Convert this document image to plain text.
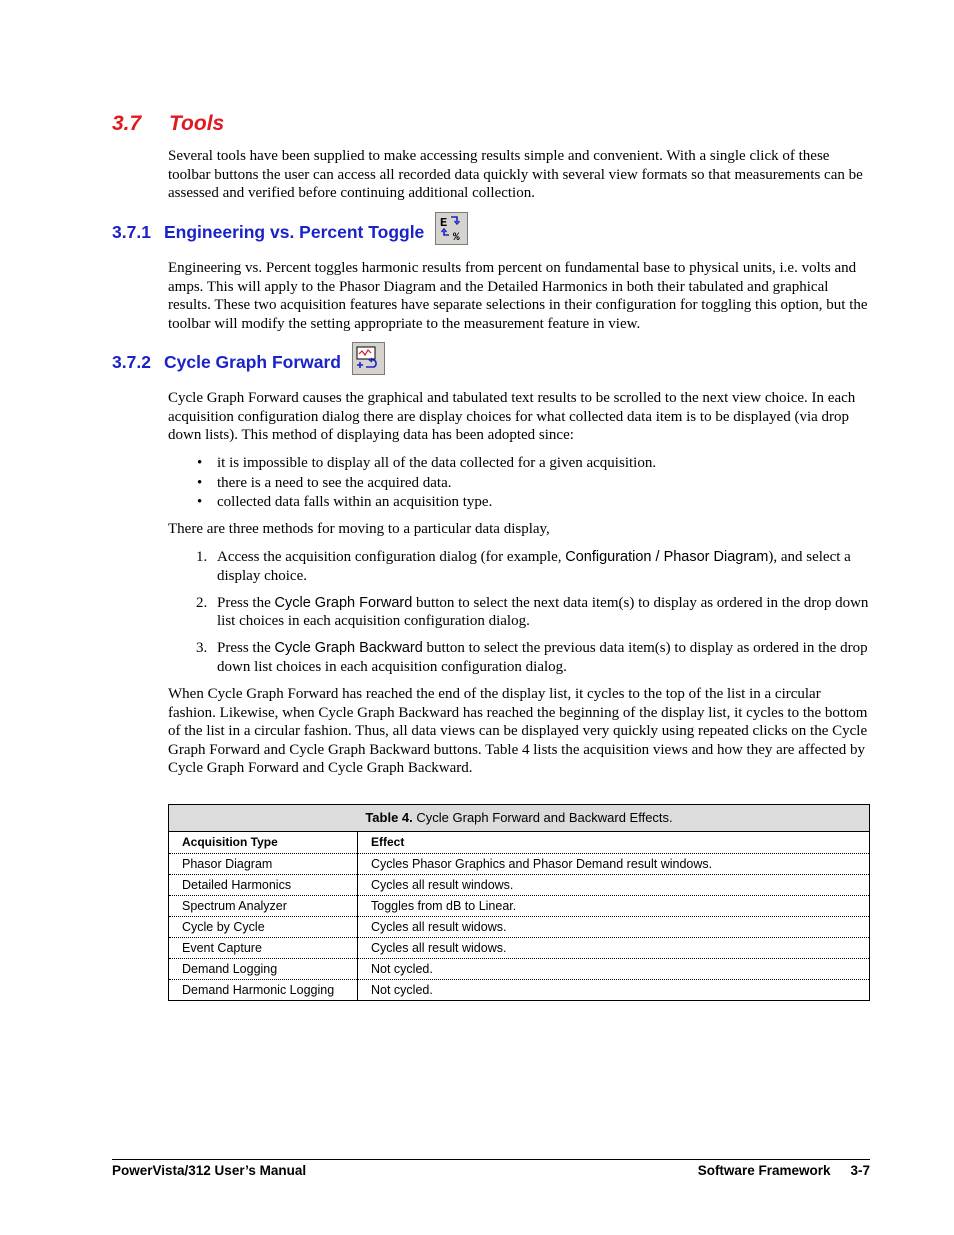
3.7 Tools

Several tools have been supplied to make accessing results simple and convenient. With a single click of these toolbar buttons the user can access all recorded data quickly with several view formats so that measurements can be assessed and verified before continuing additional collection.

3.7.1 Engineering vs. Percent Toggle E
%

Engineering vs. Percent toggles harmonic results from percent on fundamental base to physical units, i.e. volts and amps. This will apply to the Phasor Diagram and the Detailed Harmonics in both their tabulated and graphical results. These two acquisition features have separate selections in their configuration for toggling this option, but the toolbar will modify the setting appropriate to the measurement feature in view.

3.7.2 Cycle Graph Forward

Cycle Graph Forward causes the graphical and tabulated text results to be scrolled to the next view choice. In each acquisition configuration dialog there are display choices for what collected data item is to be displayed (via drop down lists). This method of displaying data has been adopted since:

• it is impossible to display all of the data collected for a given acquisition.
• there is a need to see the acquired data.
• collected data falls within an acquisition type.

There are three methods for moving to a particular data display,

1. Access the acquisition configuration dialog (for example, Configuration / Phasor Diagram), and select a display choice.
2. Press the Cycle Graph Forward button to select the next data item(s) to display as ordered in the drop down list choices in each acquisition configuration dialog.
3. Press the Cycle Graph Backward button to select the previous data item(s) to display as ordered in the drop down list choices in each acquisition configuration dialog.

When Cycle Graph Forward has reached the end of the display list, it cycles to the top of the list in a circular fashion. Likewise, when Cycle Graph Backward has reached the beginning of the display list, it cycles to the bottom of the list in a circular fashion. Thus, all data views can be displayed very quickly using repeated clicks on the Cycle Graph Forward and Cycle Graph Backward buttons. Table 4 lists the acquisition views and how they are affected by Cycle Graph Forward and Cycle Graph Backward.

Table 4. Cycle Graph Forward and Backward Effects.	
Acquisition Type	Effect
Phasor Diagram	Cycles Phasor Graphics and Phasor Demand result windows.
Detailed Harmonics	Cycles all result windows.
Spectrum Analyzer	Toggles from dB to Linear.
Cycle by Cycle	Cycles all result widows.
Event Capture	Cycles all result widows.
Demand Logging	Not cycled.
Demand Harmonic Logging	Not cycled.
PowerVista/312 User’s Manual	Software Framework 3-7
